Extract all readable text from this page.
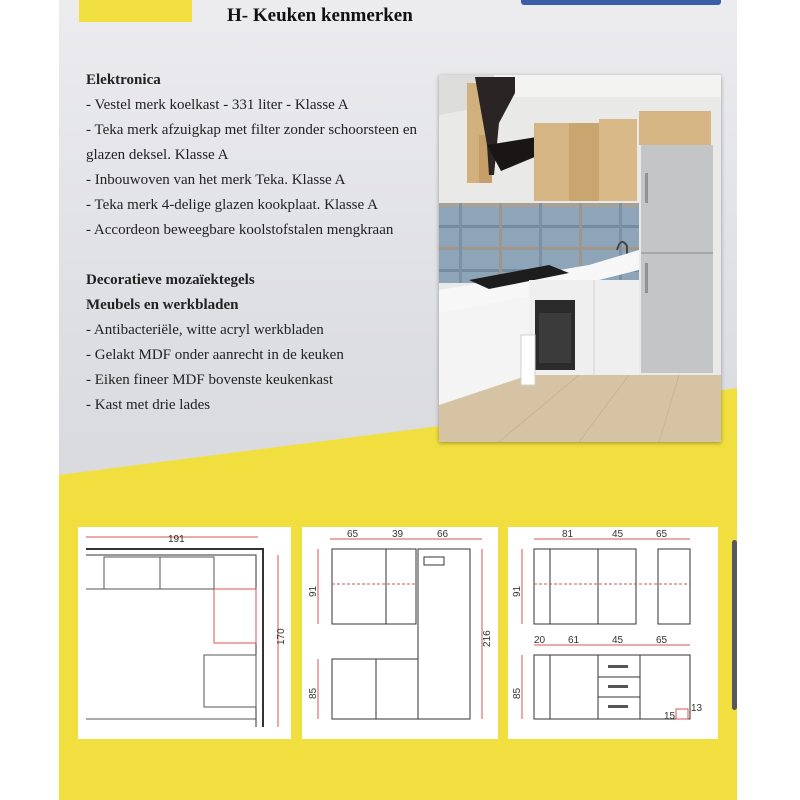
H- Keuken kenmerken

Elektronica

- Vestel merk koelkast - 331 liter - Klasse A
- Teka merk afzuigkap met filter zonder schoorsteen en glazen deksel. Klasse A
- Inbouwoven van het merk Teka. Klasse A
- Teka merk 4-delige glazen kookplaat. Klasse A
- Accordeon beweegbare koolstofstalen mengkraan

Decoratieve mozaïektegels

Meubels en werkbladen

- Antibacteriële, witte acryl werkbladen
- Gelakt MDF onder aanrecht in de keuken
- Eiken fineer MDF bovenste keukenkast
- Kast met drie lades
191
170
65	39	66
91
85
216
81	45	65
20 61	45	65
91
85
15
13
